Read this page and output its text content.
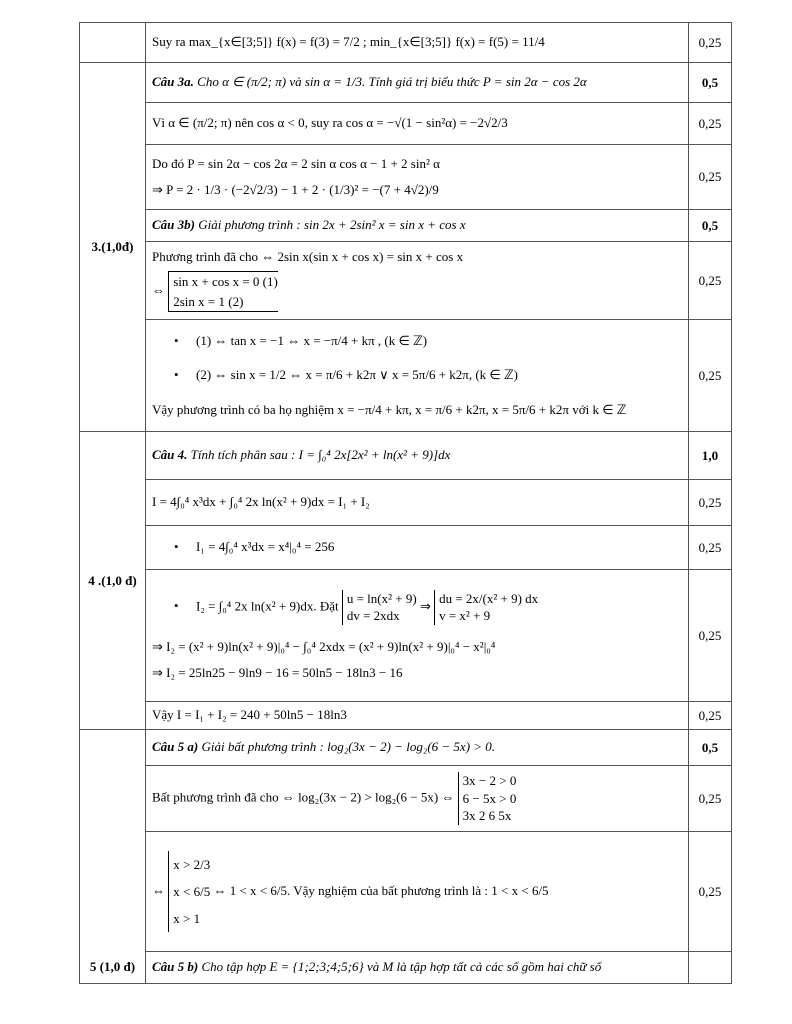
	Suy ra max_{x∈[3;5]} f(x) = f(3) = 7/2 ; min_{x∈[3;5]} f(x) = f(5) = 11/4	0,25
3.(1,0đ)	Câu 3a. Cho α ∈ (π/2; π) và sin α = 1/3. Tính giá trị biểu thức P = sin 2α − cos 2α	0,5
	Vì α ∈ (π/2; π) nên cos α < 0, suy ra cos α = −√(1 − sin²α) = −2√2/3	0,25

	Do đó P = sin 2α − cos 2α = 2 sin α cos α − 1 + 2 sin² α
⇒ P = 2 · 1/3 · (−2√2/3) − 1 + 2 · (1/3)² = −(7 + 4√2)/9	0,25
	Câu 3b) Giải phương trình : sin 2x + 2sin² x = sin x + cos x	0,5

	Phương trình đã cho ⇔ 2sin x(sin x + cos x) = sin x + cos x
⇔ sin x + cos x = 0 (1)
2sin x = 1 (2)	0,25

	• (1) ⇔ tan x = −1 ⇔ x = −π/4 + kπ , (k ∈ ℤ)
• (2) ⇔ sin x = 1/2 ⇔ x = π/6 + k2π ∨ x = 5π/6 + k2π, (k ∈ ℤ)
Vậy phương trình có ba họ nghiệm x = −π/4 + kπ, x = π/6 + k2π, x = 5π/6 + k2π với k ∈ ℤ	0,25
4 .(1,0 đ)	Câu 4. Tính tích phân sau : I = ∫₀⁴ 2x[2x² + ln(x² + 9)]dx	1,0
	I = 4∫₀⁴ x³dx + ∫₀⁴ 2x ln(x² + 9)dx = I₁ + I₂	0,25
	• I₁ = 4∫₀⁴ x³dx = x⁴|₀⁴ = 256	0,25

	• I₂ = ∫₀⁴ 2x ln(x² + 9)dx. Đặt u = ln(x² + 9)
dv = 2xdx ⇒ du = 2x/(x² + 9) dx
v = x² + 9
⇒ I₂ = (x² + 9)ln(x² + 9)|₀⁴ − ∫₀⁴ 2xdx = (x² + 9)ln(x² + 9)|₀⁴ − x²|₀⁴
⇒ I₂ = 25ln25 − 9ln9 − 16 = 50ln5 − 18ln3 − 16	0,25
	Vậy I = I₁ + I₂ = 240 + 50ln5 − 18ln3	0,25
5 (1,0 đ)	Câu 5 a) Giải bất phương trình : log₂(3x − 2) − log₂(6 − 5x) > 0.	0,5
	Bất phương trình đã cho ⇔ log₂(3x − 2) > log₂(6 − 5x) ⇔ 3x − 2 > 0
6 − 5x > 0
3x 2 6 5x	0,25
	⇔ x > 2/3
x < 6/5
x > 1 ⇔ 1 < x < 6/5. Vậy nghiệm của bất phương trình là : 1 < x < 6/5	0,25
	Câu 5 b) Cho tập hợp E = {1;2;3;4;5;6} và M là tập hợp tất cả các số gồm hai chữ số	
